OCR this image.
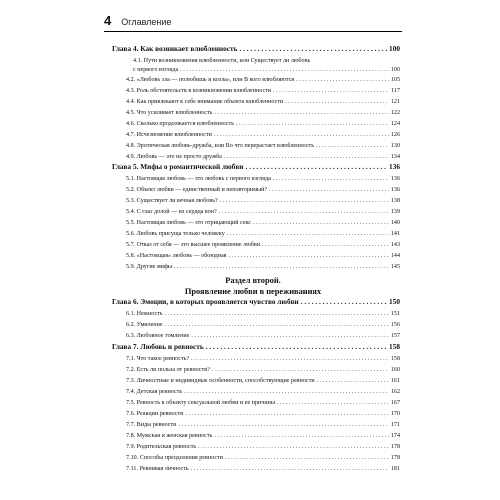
4 Оглавление
Глава 4. Как возникает влюбленность . . .	100
4.1. Пути возникновения влюбленности, или Существует ли любовь
с первого взгляда . . .	100
4.2. «Любовь зла — полюбишь и козла», или В кого влюбляются . . .	105
4.3. Роль обстоятельств в возникновении влюбленности . . .	117
4.4. Как привлекают к себе внимание объекта влюбленности . . .	121
4.5. Что усиливает влюбленность . . .	122
4.6. Сколько продолжается влюбленность . . .	124
4.7. Исчезновение влюбленности . . .	126
4.8. Эротическая любовь-дружба, или Во что перерастает влюбленность . . .	130
4.9. Любовь — это не просто дружба . . .	134
Глава 5. Мифы о романтической любви . . .	136
5.1. Настоящая любовь — это любовь с первого взгляда . . .	136
5.2. Объект любви — единственный и неповторимый? . . .	136
5.3. Существует ли вечная любовь? . . .	138
5.4. С глаз долой — из сердца вон? . . .	139
5.5. Настоящая любовь — это отрицающий секс . . .	140
5.6. Любовь присуща только человеку . . .	141
5.7. Отказ от себя — это высшее проявление любви . . .	143
5.8. «Настоящая» любовь — обоюдная . . .	144
5.9. Другие мифы . . .	145
Раздел второй.
Проявление любви в переживаниях
Глава 6. Эмоции, в которых проявляется чувство любви . . .	150
6.1. Нежность . . .	151
6.2. Умиление . . .	156
6.3. Любовное томление . . .	157
Глава 7. Любовь и ревность . . .	158
7.1. Что такое ревность? . . .	158
7.2. Есть ли польза от ревности? . . .	160
7.3. Личностные и индивидные особенности, способствующие ревности . . .	161
7.4. Детская ревность . . .	162
7.5. Ревность к объекту сексуальной любви и ее причины . . .	167
7.6. Реакции ревности . . .	170
7.7. Виды ревности . . .	171
7.8. Мужская и женская ревность . . .	174
7.9. Родительская ревность . . .	178
7.10. Способы преодоления ревности . . .	178
7.11. Ревнивая личность . . .	181
